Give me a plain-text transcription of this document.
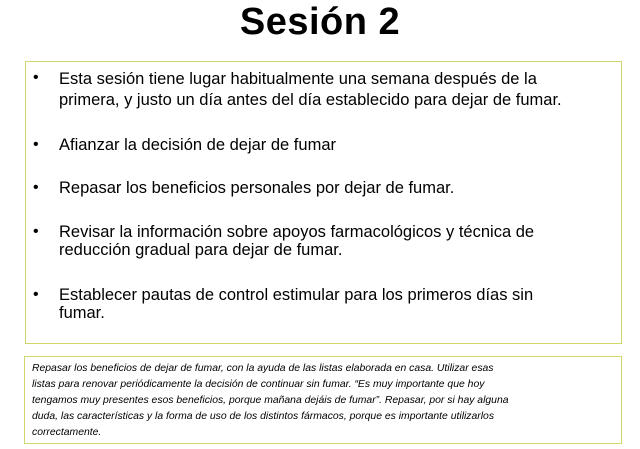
Sesión 2
• Esta sesión tiene lugar habitualmente una semana después de la
primera, y justo un día antes del día establecido para dejar de fumar.
• Afianzar la decisión de dejar de fumar
• Repasar los beneficios personales por dejar de fumar.
• Revisar la información sobre apoyos farmacológicos y técnica de
reducción gradual para dejar de fumar.
• Establecer pautas de control estimular para los primeros días sin
fumar.
Repasar los beneficios de dejar de fumar, con la ayuda de las listas elaborada en casa. Utilizar esas
listas para renovar periódicamente la decisión de continuar sin fumar. “Es muy importante que hoy
tengamos muy presentes esos beneficios, porque mañana dejáis de fumar”. Repasar, por si hay alguna
duda, las características y la forma de uso de los distintos fármacos, porque es importante utilizarlos
correctamente.
